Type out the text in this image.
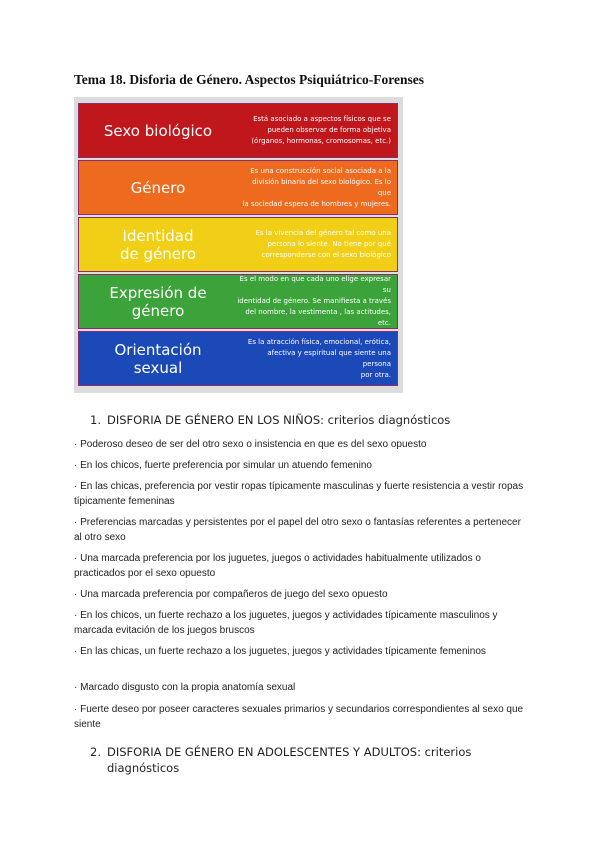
Tema 18. Disforia de Género. Aspectos Psiquiátrico-Forenses
Sexo biológico
Está asociado a aspectos físicos que se
pueden observar de forma objetiva
(órganos, hormonas, cromosomas, etc.)
Género
Es una construcción social asociada a la
división binaria del sexo biológico. Es lo que
la sociedad espera de hombres y mujeres.
Identidad
de género
Es la vivencia del género tal como una
persona lo siente. No tiene por qué
corresponderse con el sexo biológico
Expresión de
género
Es el modo en que cada uno elige expresar su
identidad de género. Se manifiesta a través
del nombre, la vestimenta , las actitudes, etc.
Orientación
sexual
Es la atracción física, emocional, erótica,
afectiva y espiritual que siente una persona
por otra.
1. DISFORIA DE GÉNERO EN LOS NIÑOS: criterios diagnósticos
· Poderoso deseo de ser del otro sexo o insistencia en que es del sexo opuesto
· En los chicos, fuerte preferencia por simular un atuendo femenino
· En las chicas, preferencia por vestir ropas típicamente masculinas y fuerte resistencia a vestir ropas típicamente femeninas
· Preferencias marcadas y persistentes por el papel del otro sexo o fantasías referentes a pertenecer al otro sexo
· Una marcada preferencia por los juguetes, juegos o actividades habitualmente utilizados o practicados por el sexo opuesto
· Una marcada preferencia por compañeros de juego del sexo opuesto
· En los chicos, un fuerte rechazo a los juguetes, juegos y actividades típicamente masculinos y marcada evitación de los juegos bruscos
· En las chicas, un fuerte rechazo a los juguetes, juegos y actividades típicamente femeninos
· Marcado disgusto con la propia anatomía sexual
· Fuerte deseo por poseer caracteres sexuales primarios y secundarios correspondientes al sexo que siente
2. DISFORIA DE GÉNERO EN ADOLESCENTES Y ADULTOS: criterios diagnósticos
